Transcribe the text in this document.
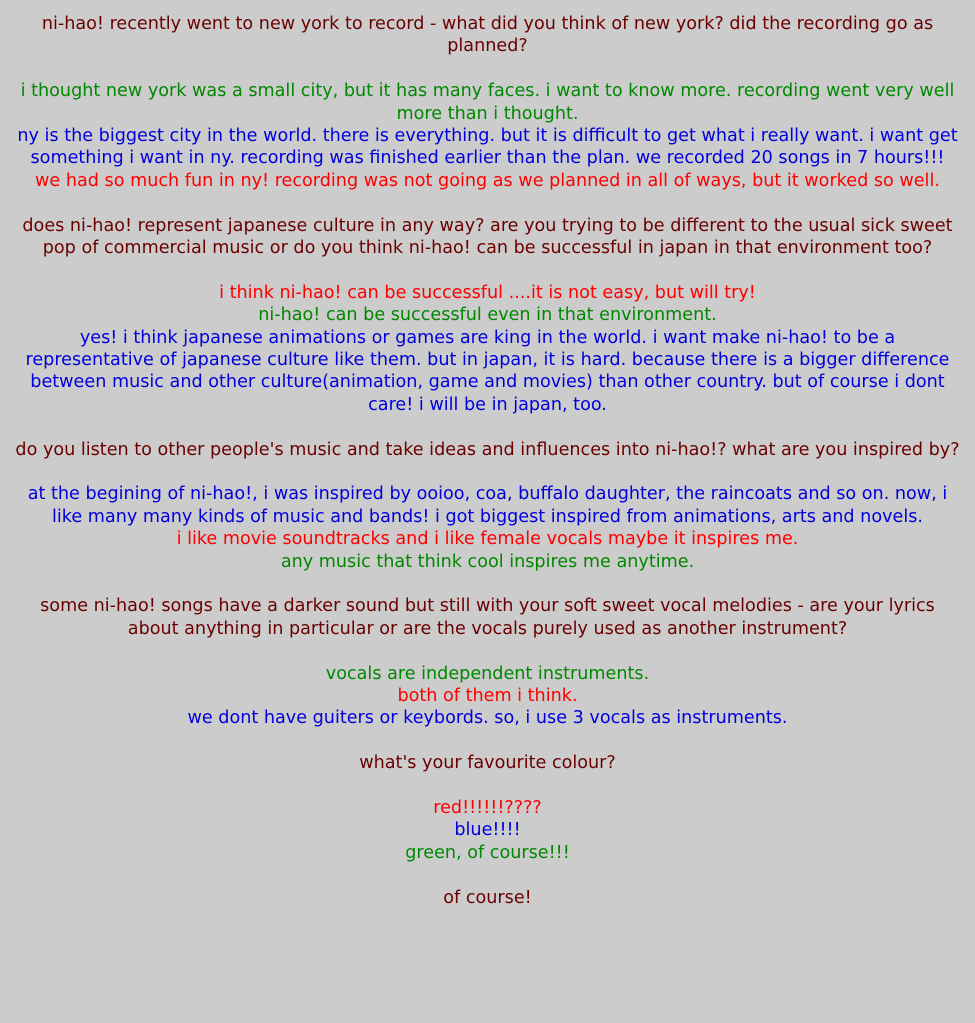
ni-hao! recently went to new york to record - what did you think of new york? did the recording go as planned?

i thought new york was a small city, but it has many faces. i want to know more. recording went very well more than i thought.

ny is the biggest city in the world. there is everything. but it is difficult to get what i really want. i want get something i want in ny. recording was finished earlier than the plan. we recorded 20 songs in 7 hours!!!

we had so much fun in ny! recording was not going as we planned in all of ways, but it worked so well.

does ni-hao! represent japanese culture in any way? are you trying to be different to the usual sick sweet pop of commercial music or do you think ni-hao! can be successful in japan in that environment too?

i think ni-hao! can be successful ....it is not easy, but will try!

ni-hao! can be successful even in that environment.

yes! i think japanese animations or games are king in the world. i want make ni-hao! to be a representative of japanese culture like them. but in japan, it is hard. because there is a bigger difference between music and other culture(animation, game and movies) than other country. but of course i dont care! i will be in japan, too.

do you listen to other people's music and take ideas and influences into ni-hao!? what are you inspired by?

at the begining of ni-hao!, i was inspired by ooioo, coa, buffalo daughter, the raincoats and so on. now, i like many many kinds of music and bands! i got biggest inspired from animations, arts and novels.

i like movie soundtracks and i like female vocals maybe it inspires me.

any music that think cool inspires me anytime.

some ni-hao! songs have a darker sound but still with your soft sweet vocal melodies - are your lyrics about anything in particular or are the vocals purely used as another instrument?

vocals are independent instruments.

both of them i think.

we dont have guiters or keybords. so, i use 3 vocals as instruments.

what's your favourite colour?

red!!!!!!????

blue!!!!

green, of course!!!

of course!
